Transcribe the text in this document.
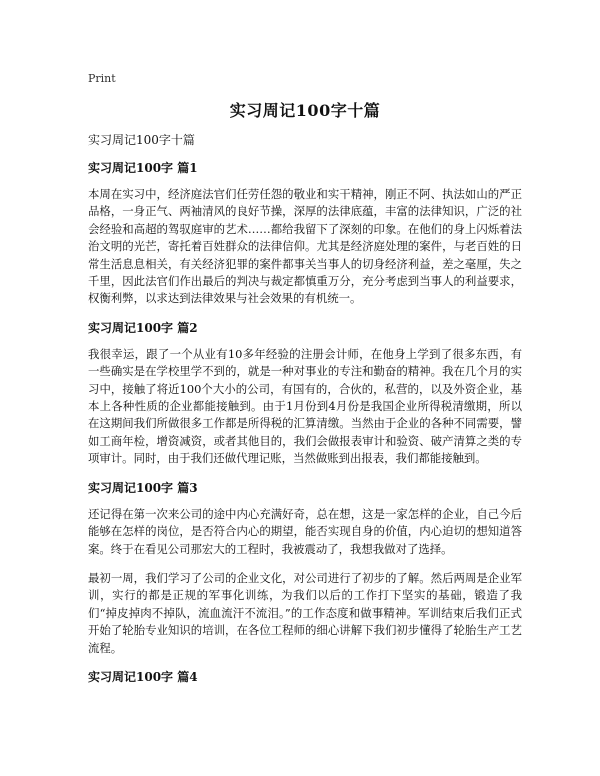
Print
实习周记100字十篇
实习周记100字十篇
实习周记100字 篇1

本周在实习中，经济庭法官们任劳任怨的敬业和实干精神，刚正不阿、执法如山的严正品格，一身正气、两袖清风的良好节操，深厚的法律底蕴，丰富的法律知识，广泛的社会经验和高超的驾驭庭审的艺术……都给我留下了深刻的印象。在他们的身上闪烁着法治文明的光芒，寄托着百姓群众的法律信仰。尤其是经济庭处理的案件，与老百姓的日常生活息息相关，有关经济犯罪的案件都事关当事人的切身经济利益，差之毫厘，失之千里，因此法官们作出最后的判决与裁定都慎重万分，充分考虑到当事人的利益要求，权衡利弊，以求达到法律效果与社会效果的有机统一。

实习周记100字 篇2

我很幸运，跟了一个从业有10多年经验的注册会计师，在他身上学到了很多东西，有一些确实是在学校里学不到的，就是一种对事业的专注和勤奋的精神。我在几个月的实习中，接触了将近100个大小的公司，有国有的，合伙的，私营的，以及外资企业，基本上各种性质的企业都能接触到。由于1月份到4月份是我国企业所得税清缴期，所以在这期间我们所做很多工作都是所得税的汇算清缴。当然由于企业的各种不同需要，譬如工商年检，增资减资，或者其他目的，我们会做报表审计和验资、破产清算之类的专项审计。同时，由于我们还做代理记账，当然做账到出报表，我们都能接触到。

实习周记100字 篇3

还记得在第一次来公司的途中内心充满好奇，总在想，这是一家怎样的企业，自己今后能够在怎样的岗位，是否符合内心的期望，能否实现自身的价值，内心迫切的想知道答案。终于在看见公司那宏大的工程时，我被震动了，我想我做对了选择。

最初一周，我们学习了公司的企业文化，对公司进行了初步的了解。然后两周是企业军训，实行的都是正规的军事化训练，为我们以后的工作打下坚实的基础，锻造了我们“掉皮掉肉不掉队，流血流汗不流泪。”的工作态度和做事精神。军训结束后我们正式开始了轮胎专业知识的培训，在各位工程师的细心讲解下我们初步懂得了轮胎生产工艺流程。

实习周记100字 篇4
